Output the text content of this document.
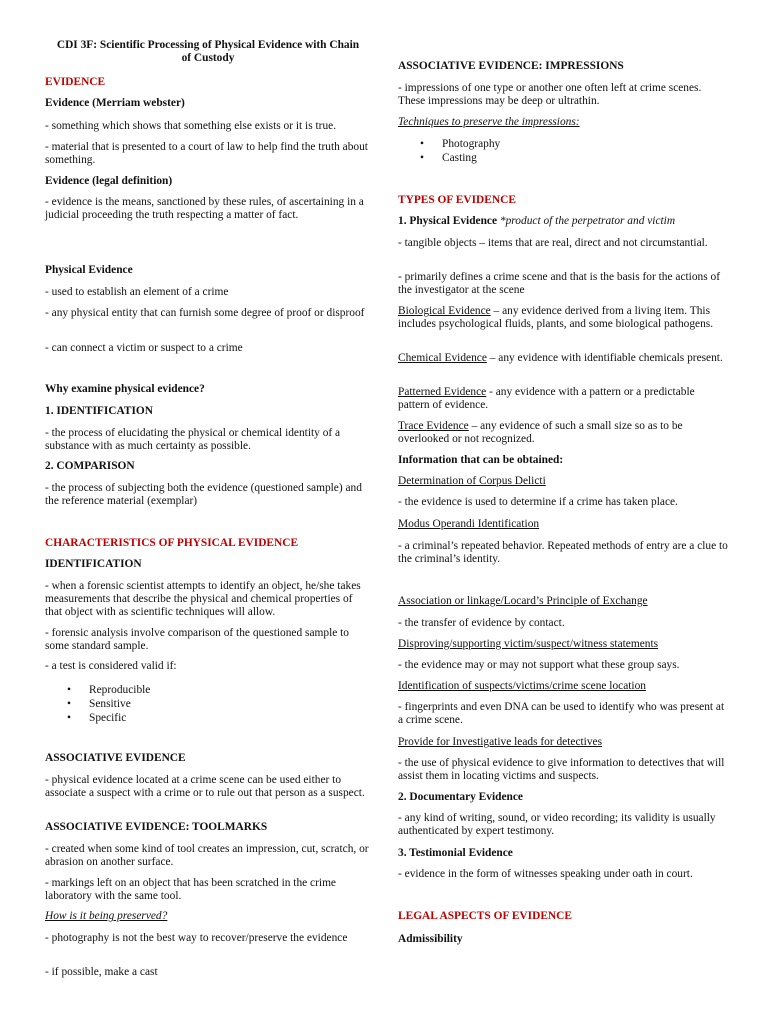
CDI 3F: Scientific Processing of Physical Evidence with Chain of Custody

EVIDENCE

Evidence (Merriam webster)

- something which shows that something else exists or it is true.

- material that is presented to a court of law to help find the truth about something.

Evidence (legal definition)

- evidence is the means, sanctioned by these rules, of ascertaining in a judicial proceeding the truth respecting a matter of fact.

Physical Evidence

- used to establish an element of a crime

- any physical entity that can furnish some degree of proof or disproof

- can connect a victim or suspect to a crime

Why examine physical evidence?

1. IDENTIFICATION

- the process of elucidating the physical or chemical identity of a substance with as much certainty as possible.

2. COMPARISON

- the process of subjecting both the evidence (questioned sample) and the reference material (exemplar)

CHARACTERISTICS OF PHYSICAL EVIDENCE

IDENTIFICATION

- when a forensic scientist attempts to identify an object, he/she takes measurements that describe the physical and chemical properties of that object with as scientific techniques will allow.

- forensic analysis involve comparison of the questioned sample to some standard sample.

- a test is considered valid if:

• Reproducible
• Sensitive
• Specific

ASSOCIATIVE EVIDENCE

- physical evidence located at a crime scene can be used either to associate a suspect with a crime or to rule out that person as a suspect.

ASSOCIATIVE EVIDENCE: TOOLMARKS

- created when some kind of tool creates an impression, cut, scratch, or abrasion on another surface.

- markings left on an object that has been scratched in the crime laboratory with the same tool.

How is it being preserved?

- photography is not the best way to recover/preserve the evidence

- if possible, make a cast

ASSOCIATIVE EVIDENCE: IMPRESSIONS

- impressions of one type or another one often left at crime scenes. These impressions may be deep or ultrathin.

Techniques to preserve the impressions:

• Photography
• Casting

TYPES OF EVIDENCE

1. Physical Evidence *product of the perpetrator and victim

- tangible objects – items that are real, direct and not circumstantial.

- primarily defines a crime scene and that is the basis for the actions of the investigator at the scene

Biological Evidence – any evidence derived from a living item. This includes psychological fluids, plants, and some biological pathogens.

Chemical Evidence – any evidence with identifiable chemicals present.

Patterned Evidence - any evidence with a pattern or a predictable pattern of evidence.

Trace Evidence – any evidence of such a small size so as to be overlooked or not recognized.

Information that can be obtained:

Determination of Corpus Delicti

- the evidence is used to determine if a crime has taken place.

Modus Operandi Identification

- a criminal’s repeated behavior. Repeated methods of entry are a clue to the criminal’s identity.

Association or linkage/Locard’s Principle of Exchange

- the transfer of evidence by contact.

Disproving/supporting victim/suspect/witness statements

- the evidence may or may not support what these group says.

Identification of suspects/victims/crime scene location

- fingerprints and even DNA can be used to identify who was present at a crime scene.

Provide for Investigative leads for detectives

- the use of physical evidence to give information to detectives that will assist them in locating victims and suspects.

2. Documentary Evidence

- any kind of writing, sound, or video recording; its validity is usually authenticated by expert testimony.

3. Testimonial Evidence

- evidence in the form of witnesses speaking under oath in court.

LEGAL ASPECTS OF EVIDENCE

Admissibility
